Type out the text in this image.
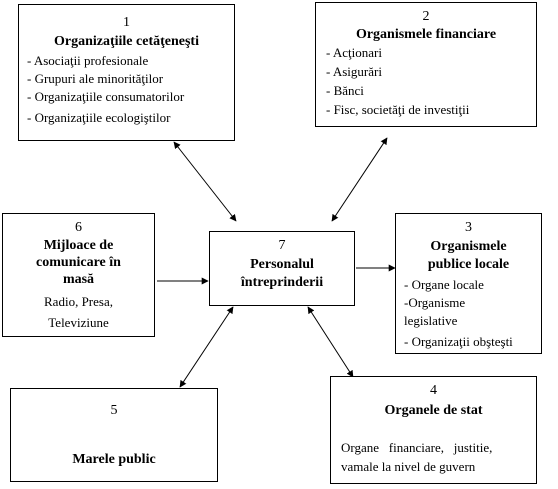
1
Organizaţiile cetăţeneşti
- Asociaţii profesionale
- Grupuri ale minorităţilor
- Organizaţiile consumatorilor
- Organizaţiile ecologiştilor
2
Organismele financiare
- Acţionari
- Asigurări
- Bănci
- Fisc, societăţi de investiţii
6
Mijloace de
comunicare în
masă
Radio, Presa,
Televiziune
7
Personalul
întreprinderii
3
Organismele
publice locale
- Organe locale
-Organisme
legislative
- Organizaţii obşteşti
5
Marele public
4
Organele de stat
Organe   financiare,   justitie,
vamale la nivel de guvern
